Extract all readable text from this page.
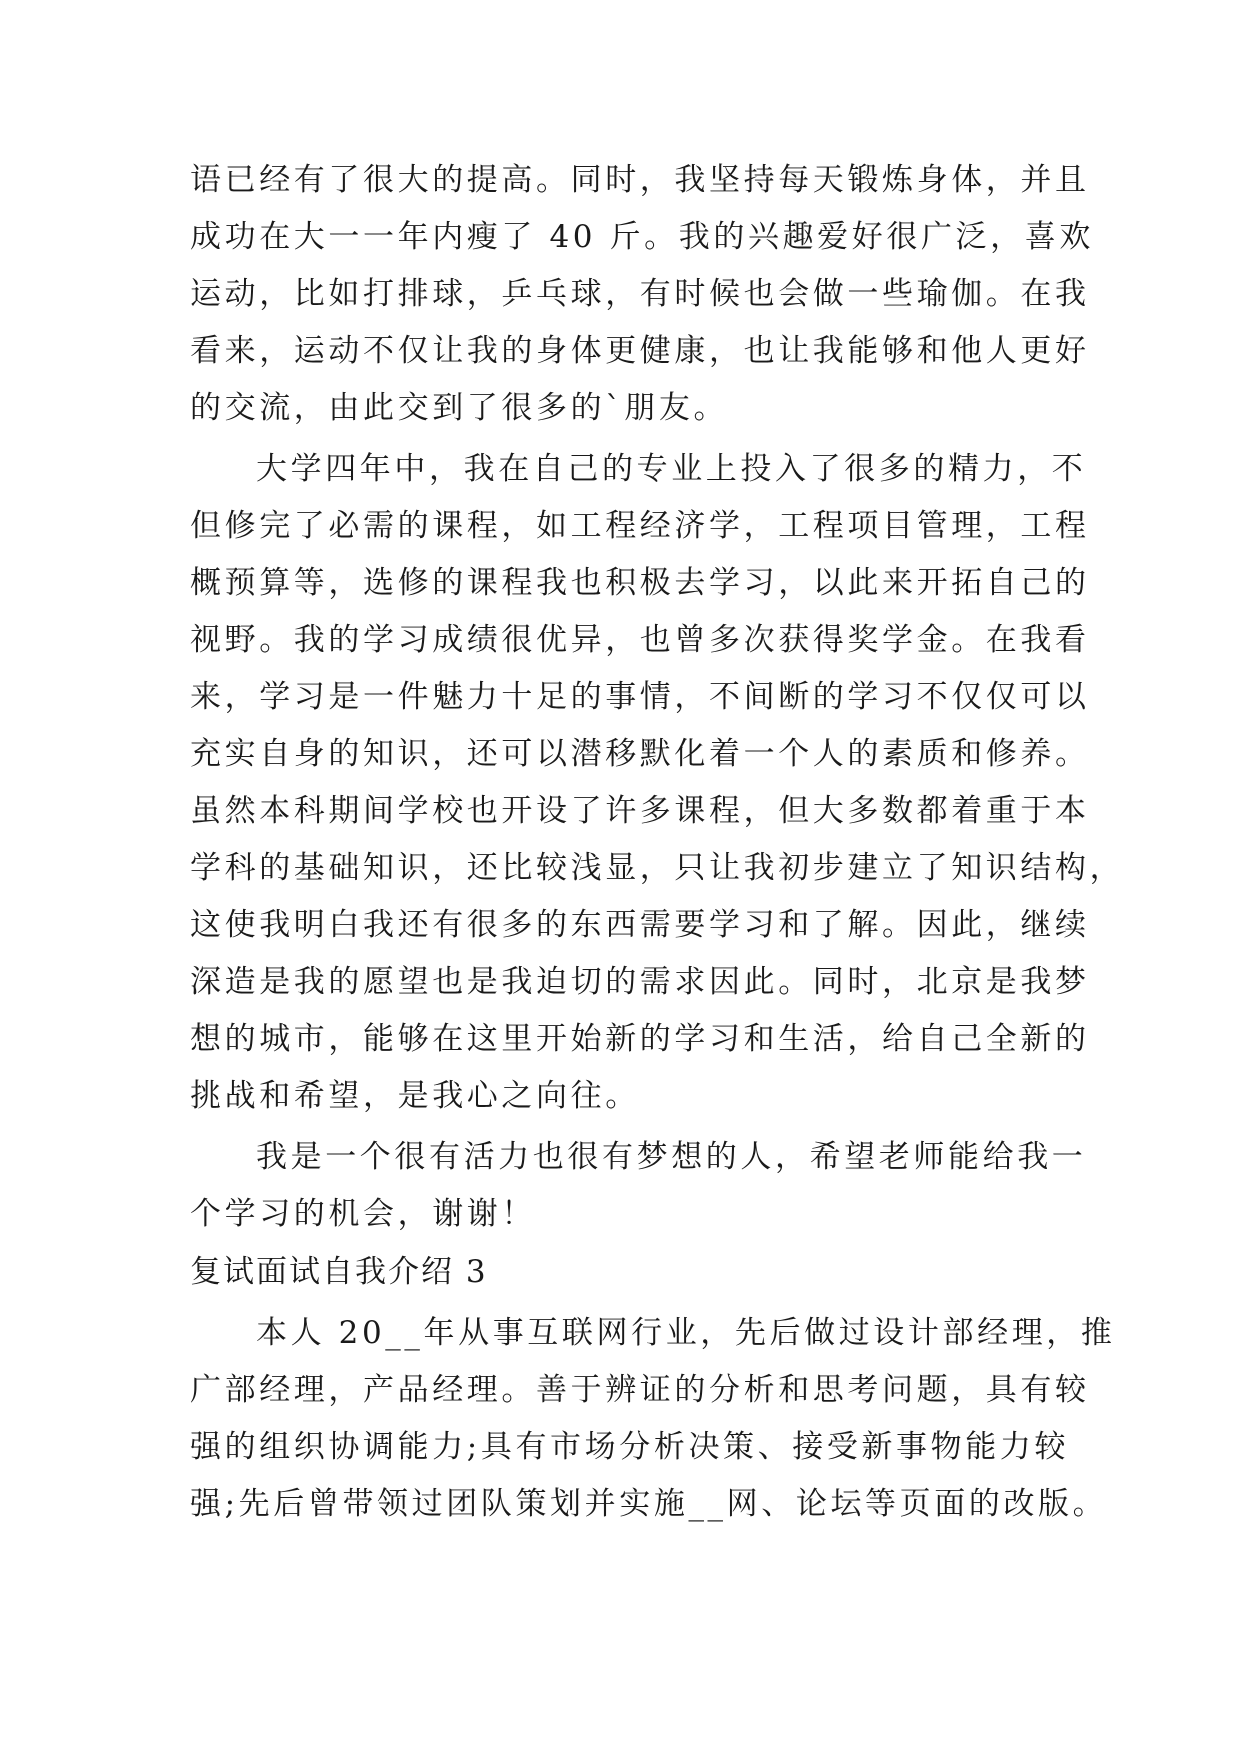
语已经有了很大的提高。同时，我坚持每天锻炼身体，并且
成功在大一一年内瘦了 40 斤。我的兴趣爱好很广泛，喜欢
运动，比如打排球，乒乓球，有时候也会做一些瑜伽。在我
看来，运动不仅让我的身体更健康，也让我能够和他人更好
的交流，由此交到了很多的`朋友。
大学四年中，我在自己的专业上投入了很多的精力，不
但修完了必需的课程，如工程经济学，工程项目管理，工程
概预算等，选修的课程我也积极去学习，以此来开拓自己的
视野。我的学习成绩很优异，也曾多次获得奖学金。在我看
来，学习是一件魅力十足的事情，不间断的学习不仅仅可以
充实自身的知识，还可以潜移默化着一个人的素质和修养。
虽然本科期间学校也开设了许多课程，但大多数都着重于本
学科的基础知识，还比较浅显，只让我初步建立了知识结构，
这使我明白我还有很多的东西需要学习和了解。因此，继续
深造是我的愿望也是我迫切的需求因此。同时，北京是我梦
想的城市，能够在这里开始新的学习和生活，给自己全新的
挑战和希望，是我心之向往。
我是一个很有活力也很有梦想的人，希望老师能给我一
个学习的机会，谢谢！
复试面试自我介绍 3
本人 20__年从事互联网行业，先后做过设计部经理，推
广部经理，产品经理。善于辨证的分析和思考问题，具有较
强的组织协调能力;具有市场分析决策、接受新事物能力较
强;先后曾带领过团队策划并实施__网、论坛等页面的改版。
